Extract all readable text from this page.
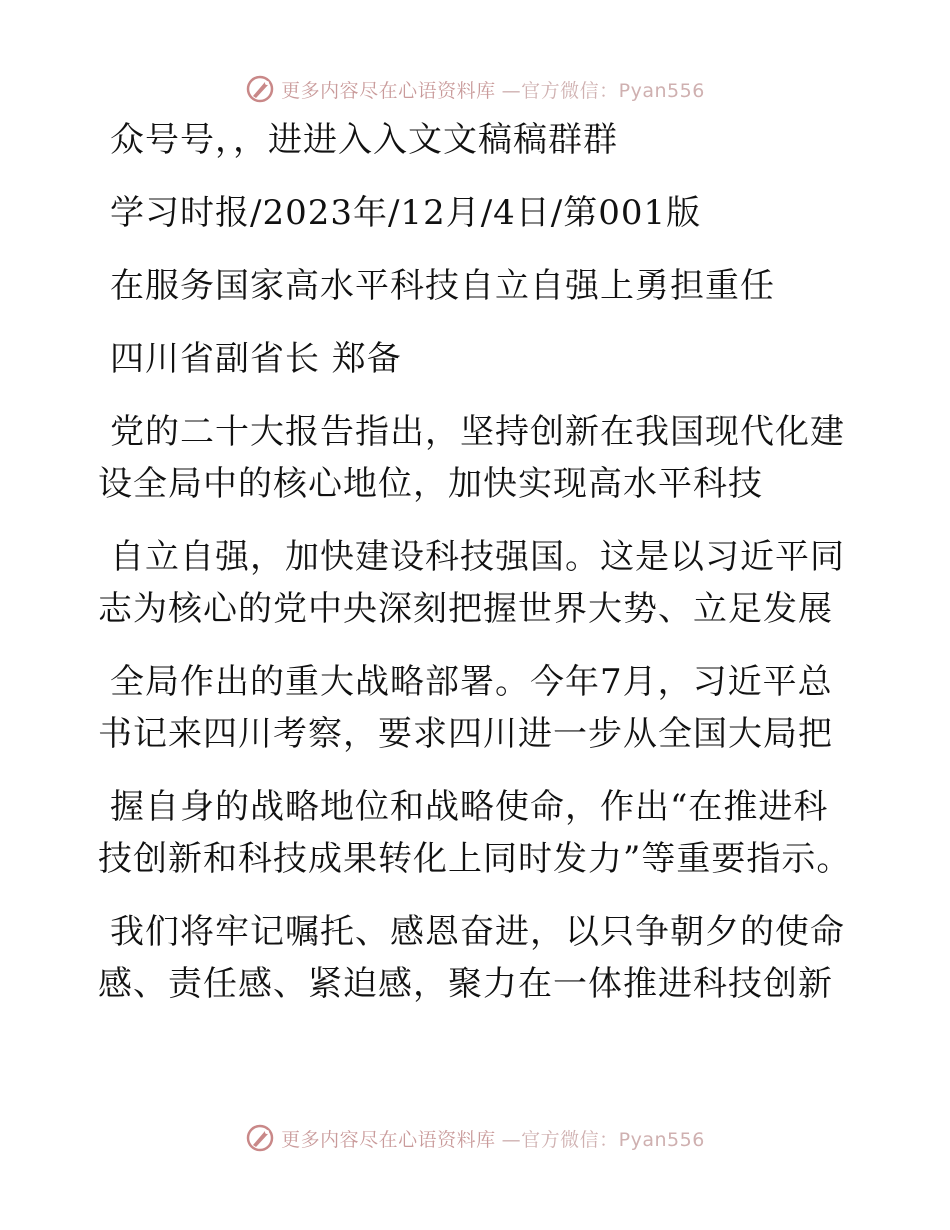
更多内容尽在心语资料库 —官方微信：Pyan556
众号号，，进进入入文文稿稿群群
学习时报/2023年/12月/4日/第001版
在服务国家高水平科技自立自强上勇担重任
四川省副省长 郑备
党的二十大报告指出，坚持创新在我国现代化建
设全局中的核心地位，加快实现高水平科技
自立自强，加快建设科技强国。这是以习近平同
志为核心的党中央深刻把握世界大势、立足发展
全局作出的重大战略部署。今年7月，习近平总
书记来四川考察，要求四川进一步从全国大局把
握自身的战略地位和战略使命，作出“在推进科
技创新和科技成果转化上同时发力”等重要指示。
我们将牢记嘱托、感恩奋进，以只争朝夕的使命
感、责任感、紧迫感，聚力在一体推进科技创新
更多内容尽在心语资料库 —官方微信：Pyan556
